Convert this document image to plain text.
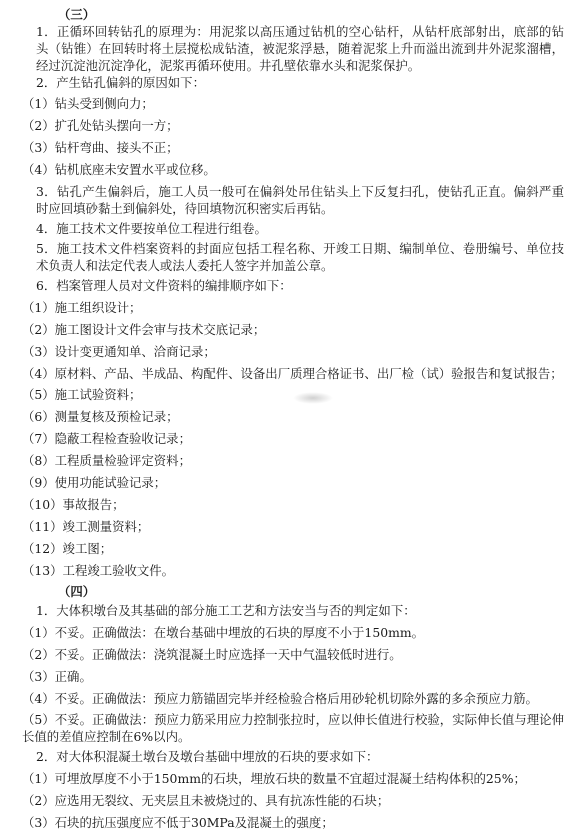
（三）

1．正循环回转钻孔的原理为：用泥浆以高压通过钻机的空心钻杆，从钻杆底部射出，底部的钻头（钻锥）在回转时将土层搅松成钻渣，被泥浆浮悬，随着泥浆上升而溢出流到井外泥浆溜槽，经过沉淀池沉淀净化，泥浆再循环使用。井孔壁依靠水头和泥浆保护。

2．产生钻孔偏斜的原因如下：

（1）钻头受到侧向力；

（2）扩孔处钻头摆向一方；

（3）钻杆弯曲、接头不正；

（4）钻机底座未安置水平或位移。

3．钻孔产生偏斜后，施工人员一般可在偏斜处吊住钻头上下反复扫孔，使钻孔正直。偏斜严重时应回填砂黏土到偏斜处，待回填物沉积密实后再钻。

4．施工技术文件要按单位工程进行组卷。

5．施工技术文件档案资料的封面应包括工程名称、开竣工日期、编制单位、卷册编号、单位技术负责人和法定代表人或法人委托人签字并加盖公章。

6．档案管理人员对文件资料的编排顺序如下：

（1）施工组织设计；

（2）施工图设计文件会审与技术交底记录；

（3）设计变更通知单、洽商记录；

（4）原材料、产品、半成品、构配件、设备出厂质理合格证书、出厂检（试）验报告和复试报告；

（5）施工试验资料；

（6）测量复核及预检记录；

（7）隐蔽工程检查验收记录；

（8）工程质量检验评定资料；

（9）使用功能试验记录；

（10）事故报告；

（11）竣工测量资料；

（12）竣工图；

（13）工程竣工验收文件。

（四）

1．大体积墩台及其基础的部分施工工艺和方法安当与否的判定如下：

（1）不妥。正确做法：在墩台基础中埋放的石块的厚度不小于150mm。

（2）不妥。正确做法：浇筑混凝土时应选择一天中气温较低时进行。

（3）正确。

（4）不妥。正确做法：预应力筋锚固完毕并经检验合格后用砂轮机切除外露的多余预应力筋。

（5）不妥。正确做法：预应力筋采用应力控制张拉时，应以伸长值进行校验，实际伸长值与理论伸长值的差值应控制在6%以内。

2．对大体积混凝土墩台及墩台基础中埋放的石块的要求如下：

（1）可埋放厚度不小于150mm的石块，埋放石块的数量不宜超过混凝土结构体积的25%；

（2）应选用无裂纹、无夹层且未被烧过的、具有抗冻性能的石块；

（3）石块的抗压强度应不低于30MPa及混凝土的强度；
